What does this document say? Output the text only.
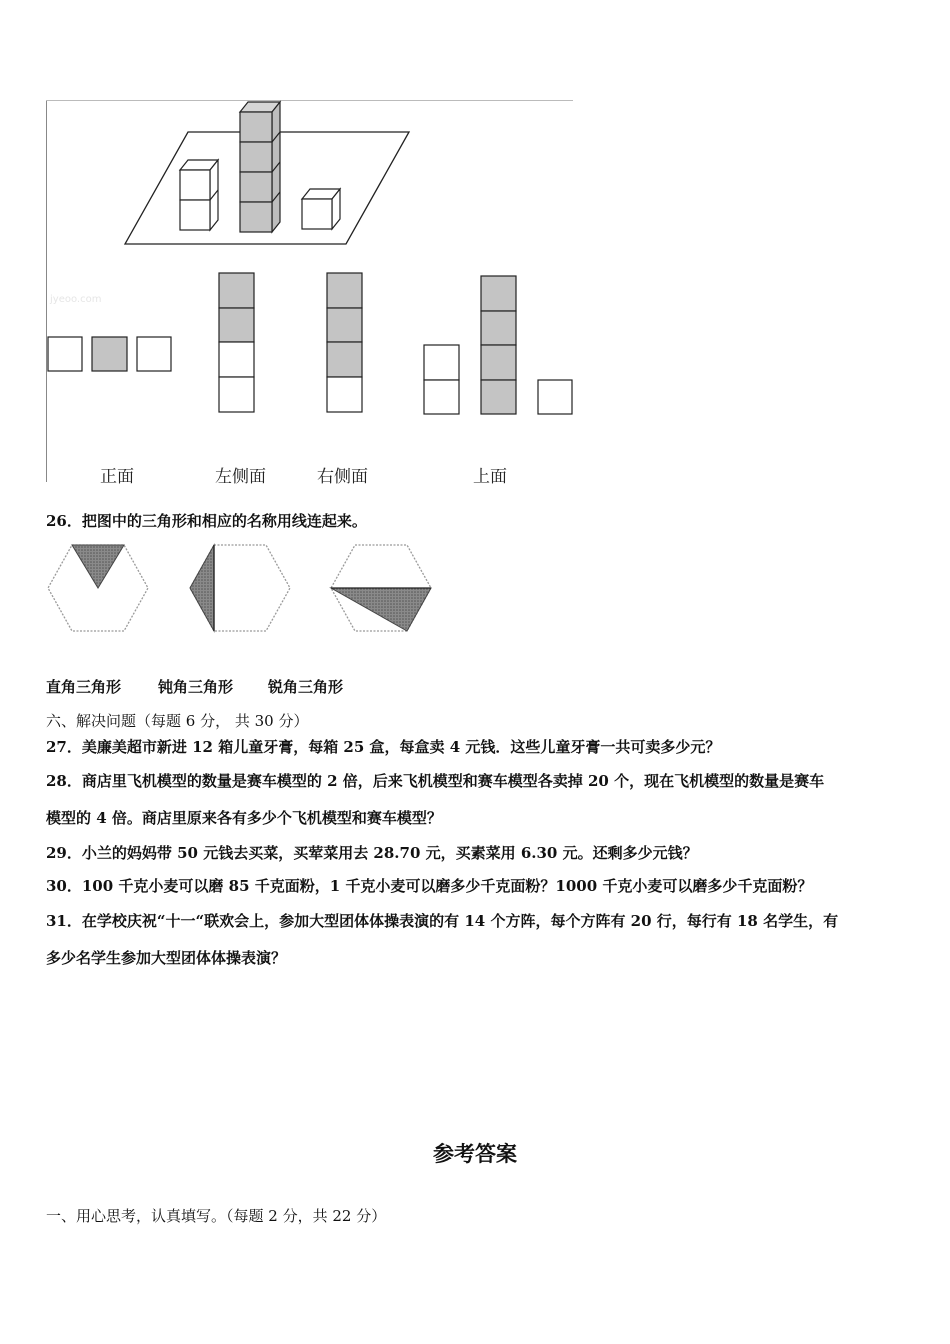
jyeoo.com
正面	左侧面	右侧面	上面
26．把图中的三角形和相应的名称用线连起来。
直角三角形 钝角三角形 锐角三角形
六、解决问题（每题 6 分， 共 30 分）
27．美廉美超市新进 12 箱儿童牙膏，每箱 25 盒，每盒卖 4 元钱．这些儿童牙膏一共可卖多少元？
28．商店里飞机模型的数量是赛车模型的 2 倍，后来飞机模型和赛车模型各卖掉 20 个，现在飞机模型的数量是赛车
模型的 4 倍。商店里原来各有多少个飞机模型和赛车模型？
29．小兰的妈妈带 50 元钱去买菜，买荤菜用去 28.70 元，买素菜用 6.30 元。还剩多少元钱？
30．100 千克小麦可以磨 85 千克面粉，1 千克小麦可以磨多少千克面粉？1000 千克小麦可以磨多少千克面粉？
31．在学校庆祝“十一“联欢会上，参加大型团体体操表演的有 14 个方阵，每个方阵有 20 行，每行有 18 名学生，有
多少名学生参加大型团体体操表演？
参考答案
一、用心思考，认真填写。（每题 2 分，共 22 分）
